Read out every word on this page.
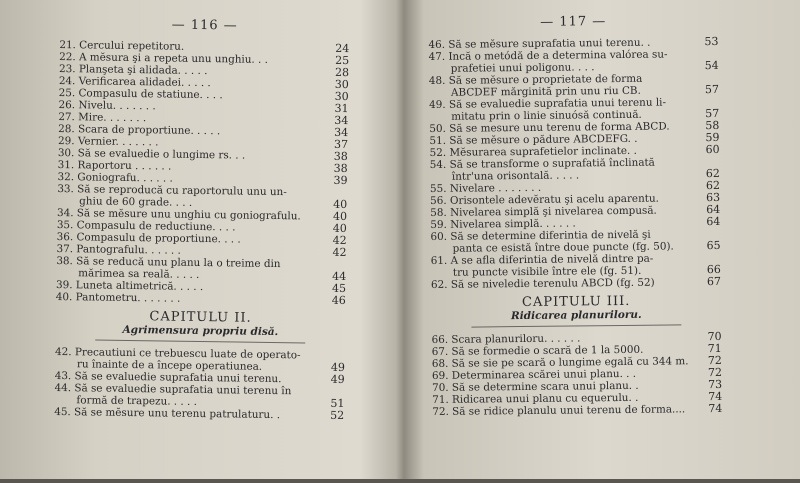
— 116 —
21. Cercului repetitoru.	24
22. A mĕsura şi a repeta unu unghiu. . .	25
23. Planşeta şi alidada. . . . .	28
24. Verificarea alidadei. . . . .	30
25. Compasulu de statiune. . . .	30
26. Nivelu. . . . . . .	31
27. Mire. . . . . . .	34
28. Scara de proportiune. . . . .	34
29. Vernier. . . . . . .	37
30. Să se evaluedie o lungime rs. . .	38
31. Raportoru . . . . . .	38
32. Goniografu. . . . . .	39
33. Să se reproducă cu raportorulu unu un-
ghiu de 60 grade. . . .	40
34. Să se mĕsure unu unghiu cu goniografulu.	40
35. Compasulu de reductiune. . . .	40
36. Compasulu de proportiune. . . .	42
37. Pantografulu. . . . . .	42
38. Să se reducă unu planu la o treime din
mărimea sa reală. . . . .	44
39. Luneta altimetrică. . . . .	45
40. Pantometru. . . . . . .	46
CAPITULU II.
Agrimensura propriu disă.
42. Precautiuni ce trebuescu luate de operato-
ru înainte de a începe operatiunea.	49
43. Să se evaluedie suprafatia unui terenu.	49
44. Să se evaluedie suprafatia unui terenu în
formă de trapezu. . . . .	51
45. Să se mĕsure unu terenu patrulaturu. .	52
— 117 —
46. Să se mĕsure suprafatia unui terenu. .	53
47. Incă o metódă de a determina valórea su-
prafetiei unui poligonu. . . .	54
48. Să se mĕsure o proprietate de forma
ABCDEF mărginită prin unu riu CB.	57
49. Să se evaluedie suprafatia unui terenu li-
mitatu prin o linie sinuósă continuă.	57
50. Să se mesure unu terenu de forma ABCD.	58
51. Să se mĕsure o pădure ABCDEFG. .	59
52. Mĕsurarea suprafetielor inclinate. .	60
54. Să se transforme o suprafatiă înclinată
într'una orisontală. . . . .	62
55. Nivelare . . . . . . .	62
56. Orisontele adevĕratu şi acelu aparentu.	63
58. Nivelarea simplă şi nivelarea compusă.	64
59. Nivelarea simplă. . . . . .	64
60. Să se determine diferintia de nivelă şi
panta ce esistă între doue puncte (fg. 50).	65
61. A se afla diferintia de nivelă dintre pa-
tru puncte visibile între ele (fg. 51).	66
62. Să se niveledie terenulu ABCD (fg. 52)	67
CAPITULU III.
Ridicarea planuriloru.
66. Scara planuriloru. . . . . .	70
67. Să se formedie o scară de 1 la 5000.	71
68. Să se sie pe scară o lungime egală cu 344 m.	72
69. Determinarea scărei unui planu. . .	72
70. Să se determine scara unui planu. .	73
71. Ridicarea unui planu cu equerulu. .	74
72. Să se ridice planulu unui terenu de forma....	74
